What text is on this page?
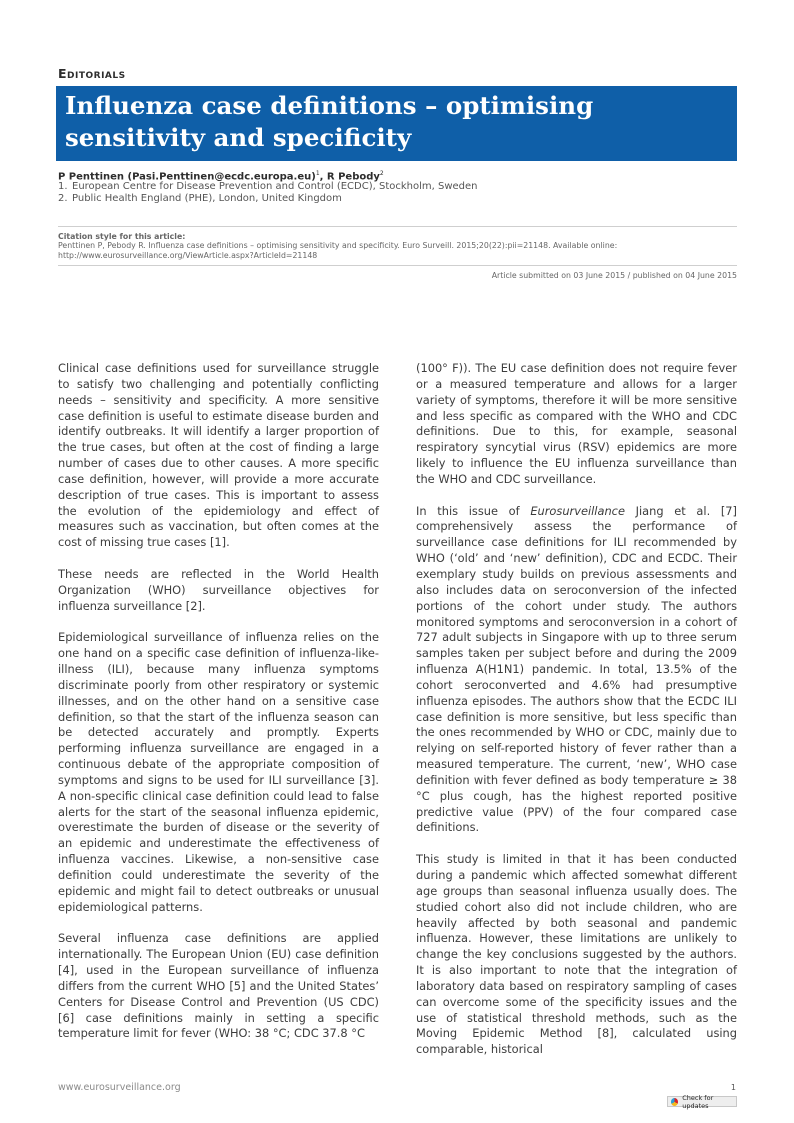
Editorials
Influenza case definitions – optimising sensitivity and specificity
P Penttinen (Pasi.Penttinen@ecdc.europa.eu)$^1$, R Pebody$^2$
1. European Centre for Disease Prevention and Control (ECDC), Stockholm, Sweden
2. Public Health England (PHE), London, United Kingdom
Citation style for this article:
Penttinen P, Pebody R. Influenza case definitions – optimising sensitivity and specificity. Euro Surveill. 2015;20(22):pii=21148. Available online: http://www.eurosurveillance.org/ViewArticle.aspx?ArticleId=21148
Article submitted on 03 June 2015 / published on 04 June 2015

Clinical case definitions used for surveillance struggle to satisfy two challenging and potentially conflicting needs – sensitivity and specificity. A more sensitive case definition is useful to estimate disease burden and identify outbreaks. It will identify a larger proportion of the true cases, but often at the cost of finding a large number of cases due to other causes. A more specific case definition, however, will provide a more accurate description of true cases. This is important to assess the evolution of the epidemiology and effect of measures such as vaccination, but often comes at the cost of missing true cases [1].

These needs are reflected in the World Health Organization (WHO) surveillance objectives for influenza surveillance [2].

Epidemiological surveillance of influenza relies on the one hand on a specific case definition of influenza-like-illness (ILI), because many influenza symptoms discriminate poorly from other respiratory or systemic illnesses, and on the other hand on a sensitive case definition, so that the start of the influenza season can be detected accurately and promptly. Experts performing influenza surveillance are engaged in a continuous debate of the appropriate composition of symptoms and signs to be used for ILI surveillance [3]. A non-specific clinical case definition could lead to false alerts for the start of the seasonal influenza epidemic, overestimate the burden of disease or the severity of an epidemic and underestimate the effectiveness of influenza vaccines. Likewise, a non-sensitive case definition could underestimate the severity of the epidemic and might fail to detect outbreaks or unusual epidemiological patterns.

Several influenza case definitions are applied internationally. The European Union (EU) case definition [4], used in the European surveillance of influenza differs from the current WHO [5] and the United States’ Centers for Disease Control and Prevention (US CDC) [6] case definitions mainly in setting a specific temperature limit for fever (WHO: 38 °C; CDC 37.8 °C

(100° F)). The EU case definition does not require fever or a measured temperature and allows for a larger variety of symptoms, therefore it will be more sensitive and less specific as compared with the WHO and CDC definitions. Due to this, for example, seasonal respiratory syncytial virus (RSV) epidemics are more likely to influence the EU influenza surveillance than the WHO and CDC surveillance.

In this issue of Eurosurveillance Jiang et al. [7] comprehensively assess the performance of surveillance case definitions for ILI recommended by WHO (‘old’ and ‘new’ definition), CDC and ECDC. Their exemplary study builds on previous assessments and also includes data on seroconversion of the infected portions of the cohort under study. The authors monitored symptoms and seroconversion in a cohort of 727 adult subjects in Singapore with up to three serum samples taken per subject before and during the 2009 influenza A(H1N1) pandemic. In total, 13.5% of the cohort seroconverted and 4.6% had presumptive influenza episodes. The authors show that the ECDC ILI case definition is more sensitive, but less specific than the ones recommended by WHO or CDC, mainly due to relying on self-reported history of fever rather than a measured temperature. The current, ‘new’, WHO case definition with fever defined as body temperature ≥ 38 °C plus cough, has the highest reported positive predictive value (PPV) of the four compared case definitions.

This study is limited in that it has been conducted during a pandemic which affected somewhat different age groups than seasonal influenza usually does. The studied cohort also did not include children, who are heavily affected by both seasonal and pandemic influenza. However, these limitations are unlikely to change the key conclusions suggested by the authors. It is also important to note that the integration of laboratory data based on respiratory sampling of cases can overcome some of the specificity issues and the use of statistical threshold methods, such as the Moving Epidemic Method [8], calculated using comparable, historical

www.eurosurveillance.org	1
Check for updates
